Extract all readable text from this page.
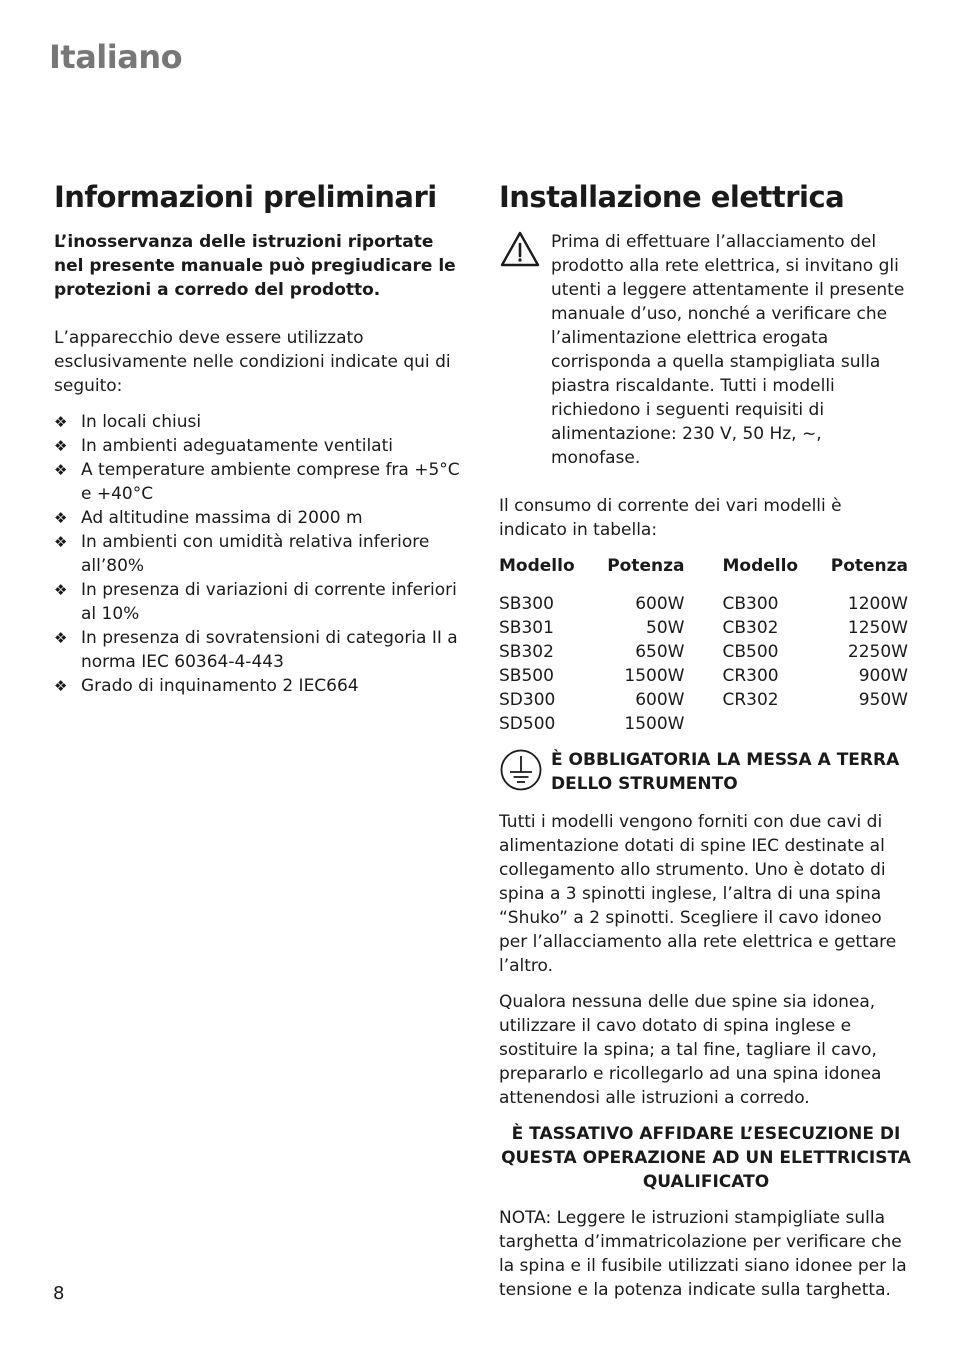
Italiano
Informazioni preliminari

L’inosservanza delle istruzioni riportate nel presente manuale può pregiudicare le protezioni a corredo del prodotto.

L’apparecchio deve essere utilizzato esclusivamente nelle condizioni indicate qui di seguito:

❖ In locali chiusi
❖ In ambienti adeguatamente ventilati
❖ A temperature ambiente comprese fra +5°C e +40°C
❖ Ad altitudine massima di 2000 m
❖ In ambienti con umidità relativa inferiore all’80%
❖ In presenza di variazioni di corrente inferiori al 10%
❖ In presenza di sovratensioni di categoria II a norma IEC 60364-4-443
❖ Grado di inquinamento 2 IEC664
Installazione elettrica

Prima di effettuare l’allacciamento del prodotto alla rete elettrica, si invitano gli utenti a leggere attentamente il presente manuale d’uso, nonché a verificare che l’alimentazione elettrica erogata corrisponda a quella stampigliata sulla piastra riscaldante. Tutti i modelli richiedono i seguenti requisiti di alimentazione: 230 V, 50 Hz, ~, monofase.

Il consumo di corrente dei vari modelli è indicato in tabella:

Modello	Potenza		Modello	Potenza
SB300	600W		CB300	1200W
SB301	50W		CB302	1250W
SB302	650W		CB500	2250W
SB500	1500W		CR300	900W
SD300	600W		CR302	950W
SD500	1500W			

È OBBLIGATORIA LA MESSA A TERRA DELLO STRUMENTO

Tutti i modelli vengono forniti con due cavi di alimentazione dotati di spine IEC destinate al collegamento allo strumento. Uno è dotato di spina a 3 spinotti inglese, l’altra di una spina “Shuko” a 2 spinotti. Scegliere il cavo idoneo per l’allacciamento alla rete elettrica e gettare l’altro.

Qualora nessuna delle due spine sia idonea, utilizzare il cavo dotato di spina inglese e sostituire la spina; a tal fine, tagliare il cavo, prepararlo e ricollegarlo ad una spina idonea attenendosi alle istruzioni a corredo.

È TASSATIVO AFFIDARE L’ESECUZIONE DI QUESTA OPERAZIONE AD UN ELETTRICISTA QUALIFICATO

NOTA: Leggere le istruzioni stampigliate sulla targhetta d’immatricolazione per verificare che la spina e il fusibile utilizzati siano idonee per la tensione e la potenza indicate sulla targhetta.

8
